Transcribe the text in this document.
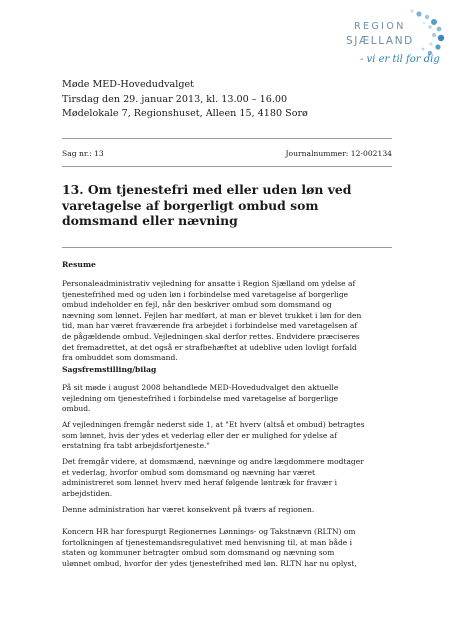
REGION
SJÆLLAND
- vi er til for dig
Møde MED-Hovedudvalget
Tirsdag den 29. januar 2013, kl. 13.00 – 16.00
Mødelokale 7, Regionshuset, Alleen 15, 4180 Sorø
Sag nr.: 13	Journalnummer: 12-002134
13. Om tjenestefri med eller uden løn ved
varetagelse af borgerligt ombud som
domsmand eller nævning
Resume
Personaleadministrativ vejledning for ansatte i Region Sjælland om ydelse af
tjenestefrihed med og uden løn i forbindelse med varetagelse af borgerlige
ombud indeholder en fejl, når den beskriver ombud som domsmand og
nævning som lønnet. Fejlen har medført, at man er blevet trukket i løn for den
tid, man har været fraværende fra arbejdet i forbindelse med varetagelsen af
de pågældende ombud. Vejledningen skal derfor rettes. Endvidere præciseres
det fremadrettet, at det også er strafbehæftet at udeblive uden lovligt forfald
fra ombuddet som domsmand.
Sagsfremstilling/bilag
På sit møde i august 2008 behandlede MED-Hovedudvalget den aktuelle
vejledning om tjenestefrihed i forbindelse med varetagelse af borgerlige
ombud.
Af vejledningen fremgår nederst side 1, at "Et hverv (altså et ombud) betragtes
som lønnet, hvis der ydes et vederlag eller der er mulighed for ydelse af
erstatning fra tabt arbejdsfortjeneste."
Det fremgår videre, at domsmænd, nævninge og andre lægdommere modtager
et vederlag, hvorfor ombud som domsmand og nævning har været
administreret som lønnet hverv med heraf følgende løntræk for fravær i
arbejdstiden.
Denne administration har været konsekvent på tværs af regionen.
Koncern HR har forespurgt Regionernes Lønnings- og Takstnævn (RLTN) om
fortolkningen af tjenestemandsregulativet med henvisning til, at man både i
staten og kommuner betragter ombud som domsmand og nævning som
ulønnet ombud, hvorfor der ydes tjenestefrihed med løn. RLTN har nu oplyst,
